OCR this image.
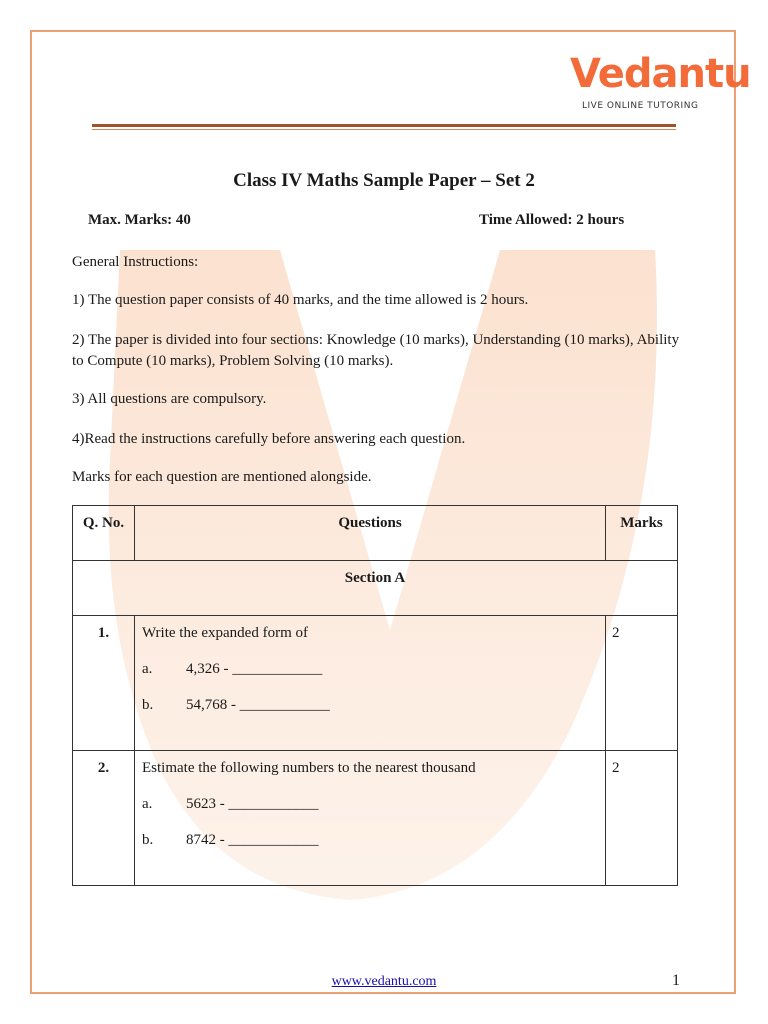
Vedantu
LIVE ONLINE TUTORING
Class IV Maths Sample Paper – Set 2
Max. Marks: 40	Time Allowed: 2 hours
General Instructions:
1) The question paper consists of 40 marks, and the time allowed is 2 hours.
2) The paper is divided into four sections: Knowledge (10 marks), Understanding (10 marks), Ability to Compute (10 marks), Problem Solving (10 marks).
3) All questions are compulsory.
4)Read the instructions carefully before answering each question.
Marks for each question are mentioned alongside.
Q. No.	Questions	Marks

Section A		

1.	Write the expanded form of
a. 4,326 - ____________
b. 54,768 - ____________	2

2.	Estimate the following numbers to the nearest thousand
a. 5623 - ____________
b. 8742 - ____________	2
www.vedantu.com	1
